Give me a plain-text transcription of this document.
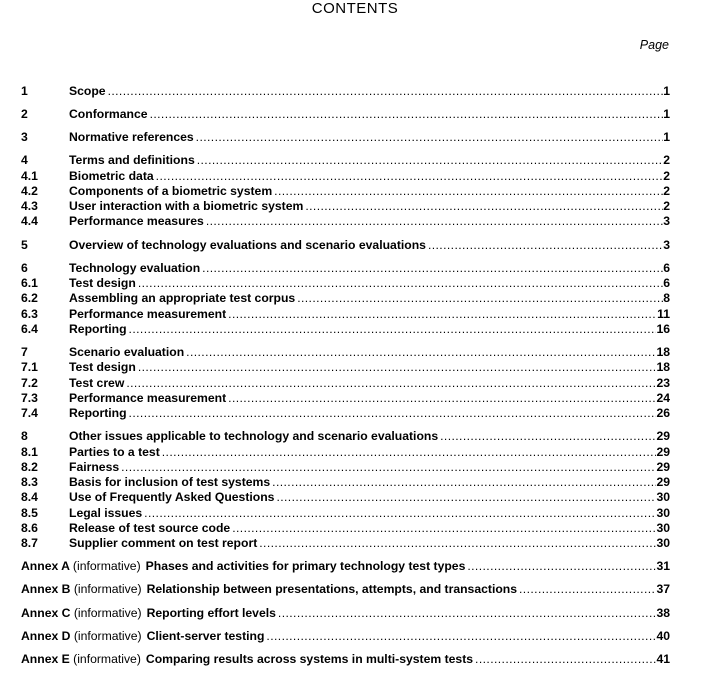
CONTENTS
Page
1	Scope .....	1
2	Conformance .....	1
3	Normative references .....	1
4	Terms and definitions .....	2
4.1	Biometric data .....	2
4.2	Components of a biometric system .....	2
4.3	User interaction with a biometric system .....	2
4.4	Performance measures .....	3
5	Overview of technology evaluations and scenario evaluations .....	3
6	Technology evaluation .....	6
6.1	Test design .....	6
6.2	Assembling an appropriate test corpus .....	8
6.3	Performance measurement .....	11
6.4	Reporting .....	16
7	Scenario evaluation .....	18
7.1	Test design .....	18
7.2	Test crew .....	23
7.3	Performance measurement .....	24
7.4	Reporting .....	26
8	Other issues applicable to technology and scenario evaluations .....	29
8.1	Parties to a test .....	29
8.2	Fairness .....	29
8.3	Basis for inclusion of test systems .....	29
8.4	Use of Frequently Asked Questions .....	30
8.5	Legal issues .....	30
8.6	Release of test source code .....	30
8.7	Supplier comment on test report .....	30
Annex A (informative) Phases and activities for primary technology test types .....	31
Annex B (informative) Relationship between presentations, attempts, and transactions .....	37
Annex C (informative) Reporting effort levels .....	38
Annex D (informative) Client-server testing .....	40
Annex E (informative) Comparing results across systems in multi-system tests .....	41
